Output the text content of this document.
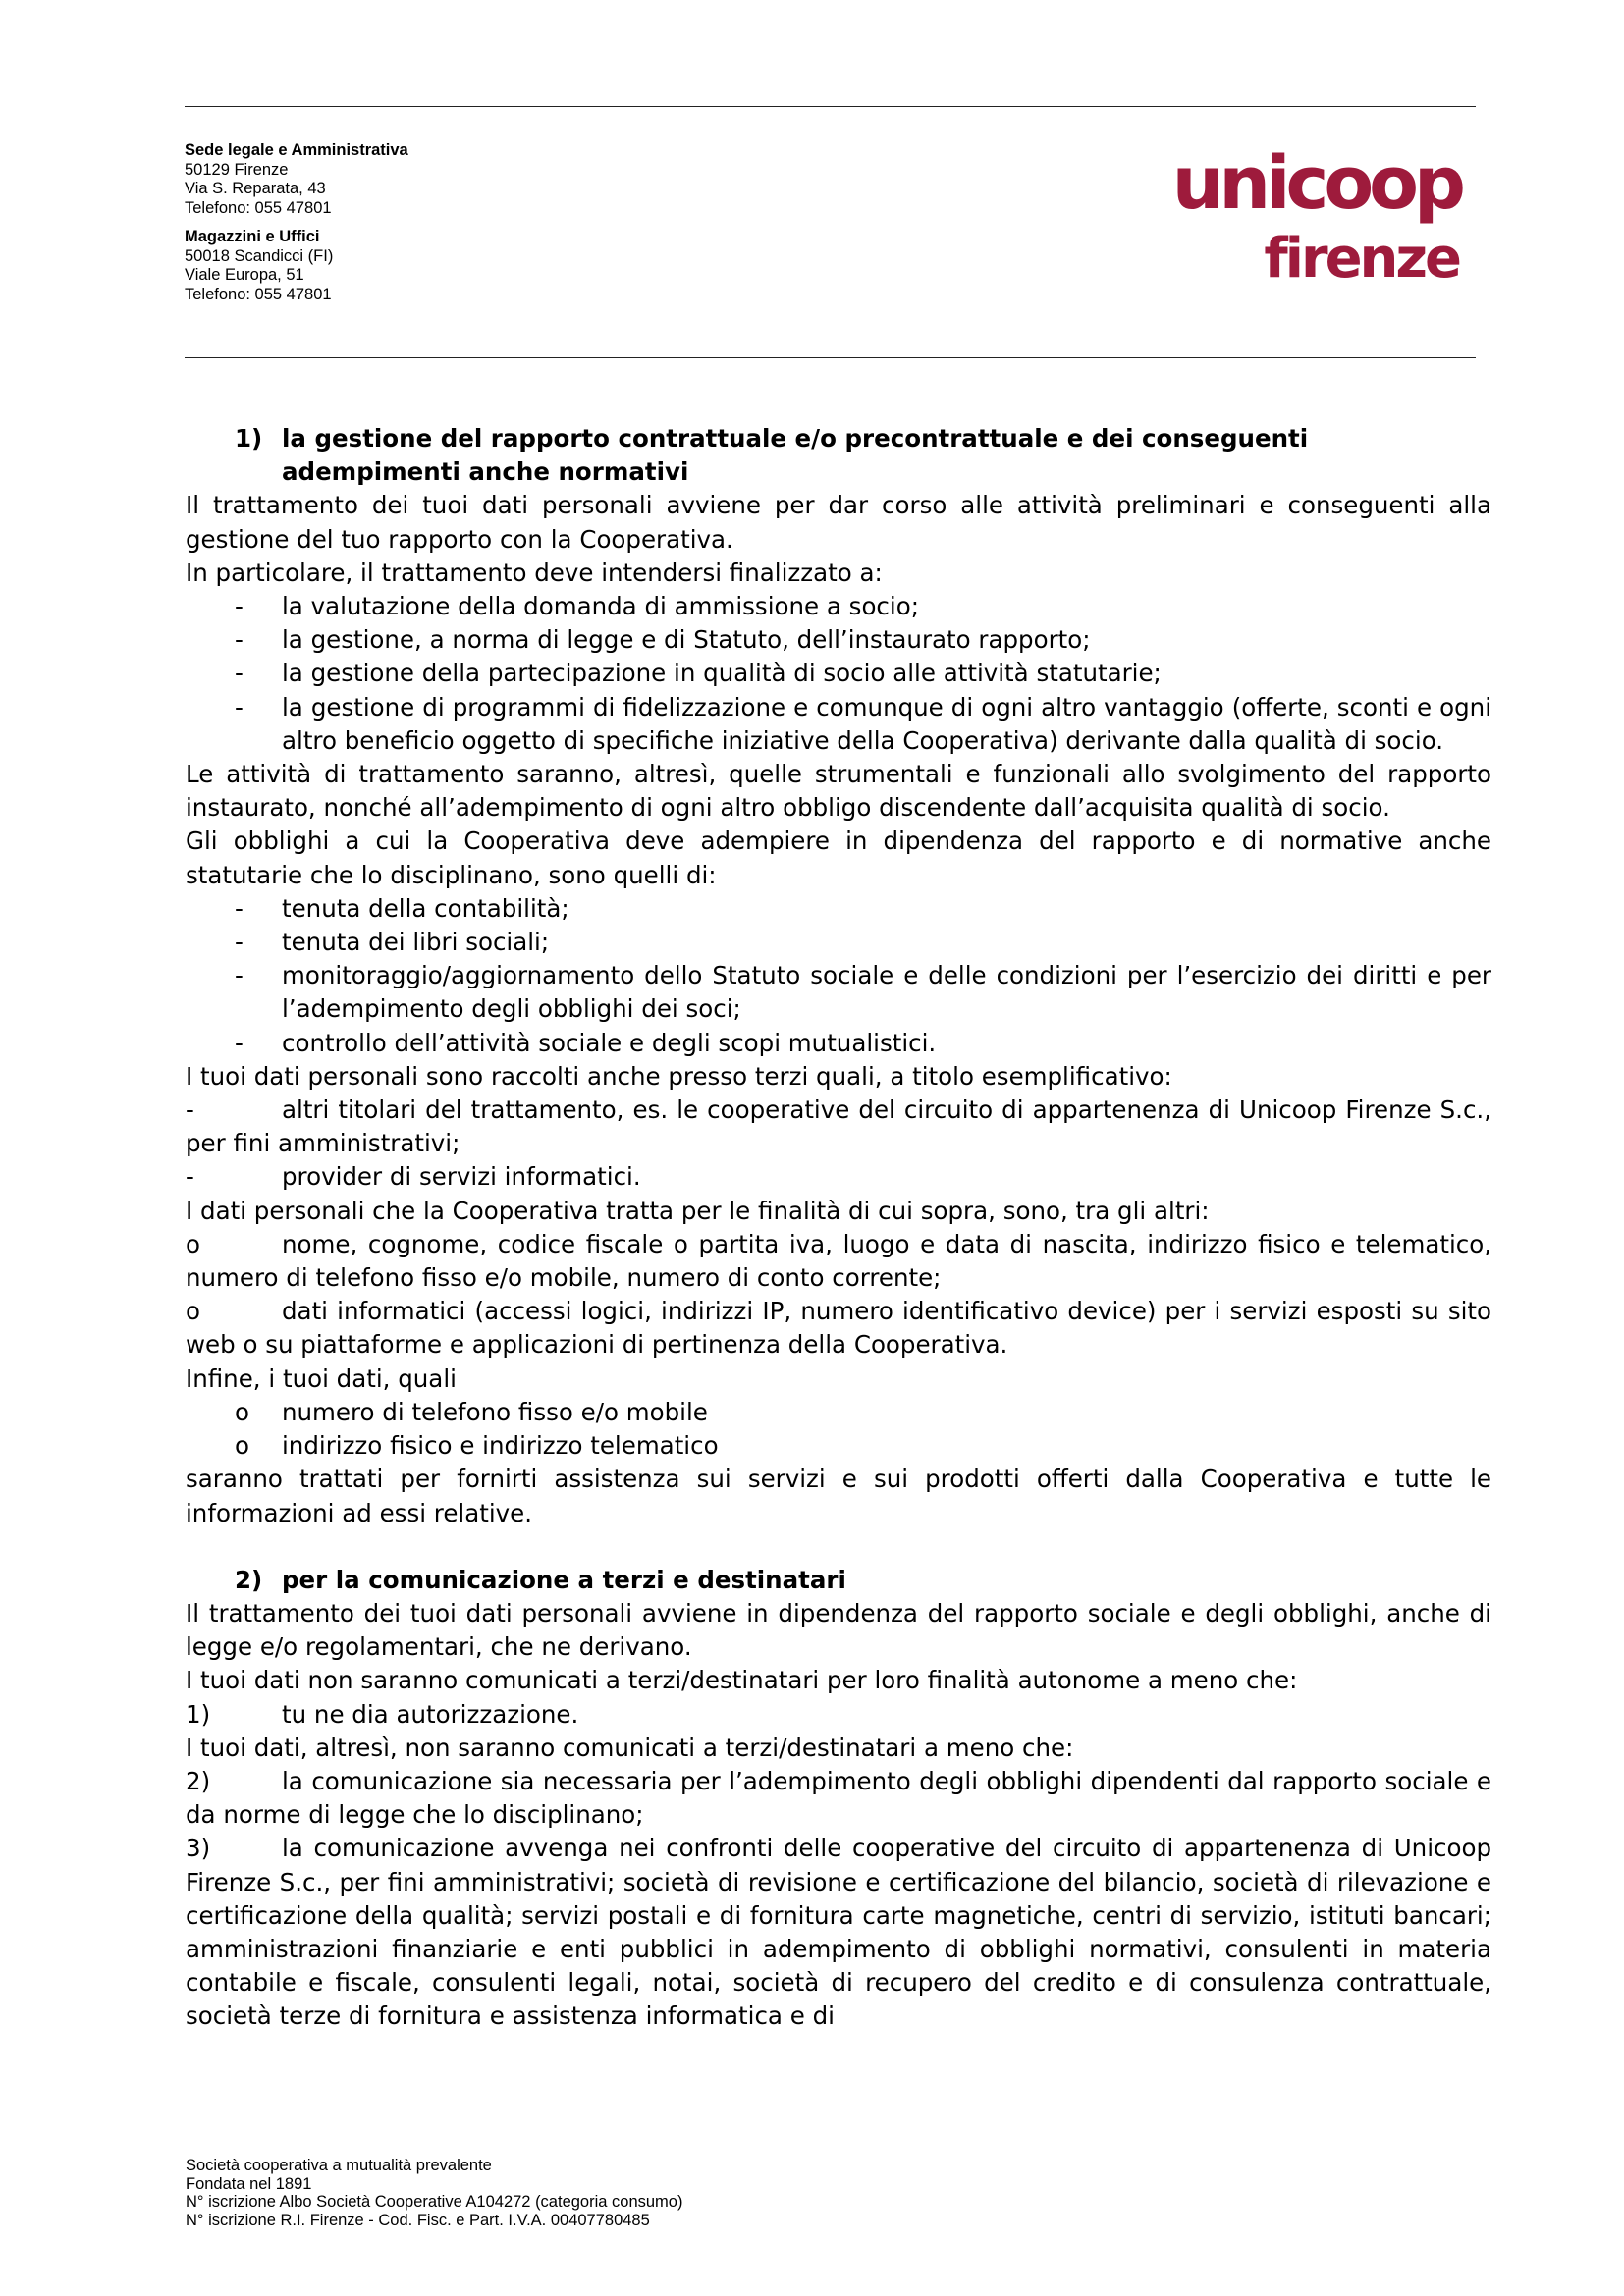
Sede legale e Amministrativa
50129 Firenze
Via S. Reparata, 43
Telefono: 055 47801
Magazzini e Uffici
50018 Scandicci (FI)
Viale Europa, 51
Telefono: 055 47801
unicoop
firenze
1) la gestione del rapporto contrattuale e/o precontrattuale e dei conseguenti adempimenti anche normativi

Il trattamento dei tuoi dati personali avviene per dar corso alle attività preliminari e conseguenti alla gestione del tuo rapporto con la Cooperativa.

In particolare, il trattamento deve intendersi finalizzato a:

-	la valutazione della domanda di ammissione a socio;
-	la gestione, a norma di legge e di Statuto, dell’instaurato rapporto;
-	la gestione della partecipazione in qualità di socio alle attività statutarie;
-	la gestione di programmi di fidelizzazione e comunque di ogni altro vantaggio (offerte, sconti e ogni altro beneficio oggetto di specifiche iniziative della Cooperativa) derivante dalla qualità di socio.

Le attività di trattamento saranno, altresì, quelle strumentali e funzionali allo svolgimento del rapporto instaurato, nonché all’adempimento di ogni altro obbligo discendente dall’acquisita qualità di socio.

Gli obblighi a cui la Cooperativa deve adempiere in dipendenza del rapporto e di normative anche statutarie che lo disciplinano, sono quelli di:

-	tenuta della contabilità;
-	tenuta dei libri sociali;
-	monitoraggio/aggiornamento dello Statuto sociale e delle condizioni per l’esercizio dei diritti e per l’adempimento degli obblighi dei soci;
-	controllo dell’attività sociale e degli scopi mutualistici.

I tuoi dati personali sono raccolti anche presso terzi quali, a titolo esemplificativo:

-	altri titolari del trattamento, es. le cooperative del circuito di appartenenza di Unicoop Firenze S.c., per fini amministrativi;

-	provider di servizi informatici.

I dati personali che la Cooperativa tratta per le finalità di cui sopra, sono, tra gli altri:

o	nome, cognome, codice fiscale o partita iva, luogo e data di nascita, indirizzo fisico e telematico, numero di telefono fisso e/o mobile, numero di conto corrente;

o	dati informatici (accessi logici, indirizzi IP, numero identificativo device) per i servizi esposti su sito web o su piattaforme e applicazioni di pertinenza della Cooperativa.

Infine, i tuoi dati, quali

o	numero di telefono fisso e/o mobile
o	indirizzo fisico e indirizzo telematico

saranno trattati per fornirti assistenza sui servizi e sui prodotti offerti dalla Cooperativa e tutte le informazioni ad essi relative.

2) per la comunicazione a terzi e destinatari

Il trattamento dei tuoi dati personali avviene in dipendenza del rapporto sociale e degli obblighi, anche di legge e/o regolamentari, che ne derivano.

I tuoi dati non saranno comunicati a terzi/destinatari per loro finalità autonome a meno che:

1)	tu ne dia autorizzazione.

I tuoi dati, altresì, non saranno comunicati a terzi/destinatari a meno che:

2)	la comunicazione sia necessaria per l’adempimento degli obblighi dipendenti dal rapporto sociale e da norme di legge che lo disciplinano;

3)	la comunicazione avvenga nei confronti delle cooperative del circuito di appartenenza di Unicoop Firenze S.c., per fini amministrativi; società di revisione e certificazione del bilancio, società di rilevazione e certificazione della qualità; servizi postali e di fornitura carte magnetiche, centri di servizio, istituti bancari; amministrazioni finanziarie e enti pubblici in adempimento di obblighi normativi, consulenti in materia contabile e fiscale, consulenti legali, notai, società di recupero del credito e di consulenza contrattuale, società terze di fornitura e assistenza informatica e di

Società cooperativa a mutualità prevalente
Fondata nel 1891
N° iscrizione Albo Società Cooperative A104272 (categoria consumo)
N° iscrizione R.I. Firenze - Cod. Fisc. e Part. I.V.A. 00407780485
